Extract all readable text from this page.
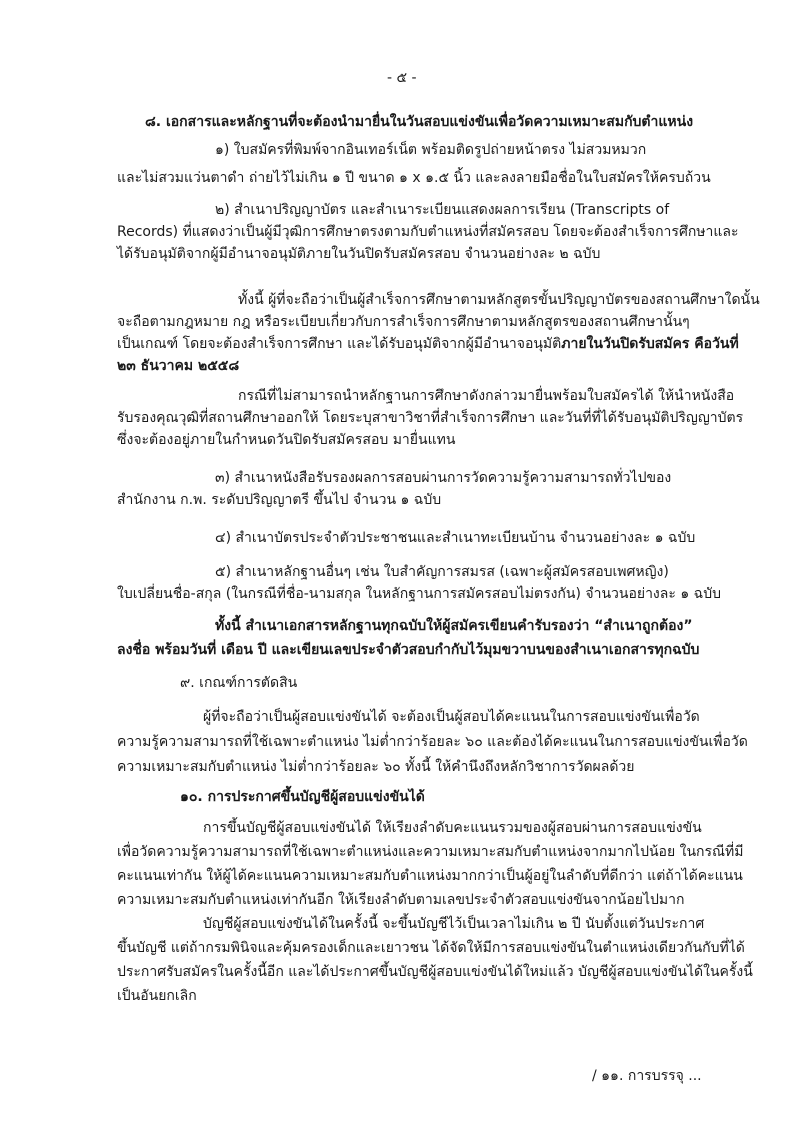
- ๕ -
๘. เอกสารและหลักฐานที่จะต้องนำมายื่นในวันสอบแข่งขันเพื่อวัดความเหมาะสมกับตำแหน่ง
๑) ใบสมัครที่พิมพ์จากอินเทอร์เน็ต พร้อมติดรูปถ่ายหน้าตรง ไม่สวมหมวก
และไม่สวมแว่นตาดำ ถ่ายไว้ไม่เกิน ๑ ปี ขนาด ๑ x ๑.๕ นิ้ว และลงลายมือชื่อในใบสมัครให้ครบถ้วน
๒) สำเนาปริญญาบัตร และสำเนาระเบียนแสดงผลการเรียน (Transcripts of
Records) ที่แสดงว่าเป็นผู้มีวุฒิการศึกษาตรงตามกับตำแหน่งที่สมัครสอบ โดยจะต้องสำเร็จการศึกษาและ
ได้รับอนุมัติจากผู้มีอำนาจอนุมัติภายในวันปิดรับสมัครสอบ จำนวนอย่างละ ๒ ฉบับ
ทั้งนี้ ผู้ที่จะถือว่าเป็นผู้สำเร็จการศึกษาตามหลักสูตรขั้นปริญญาบัตรของสถานศึกษาใดนั้น
จะถือตามกฎหมาย กฎ หรือระเบียบเกี่ยวกับการสำเร็จการศึกษาตามหลักสูตรของสถานศึกษานั้นๆ
เป็นเกณฑ์ โดยจะต้องสำเร็จการศึกษา และได้รับอนุมัติจากผู้มีอำนาจอนุมัติภายในวันปิดรับสมัคร คือวันที่
๒๓ ธันวาคม ๒๕๕๘
กรณีที่ไม่สามารถนำหลักฐานการศึกษาดังกล่าวมายื่นพร้อมใบสมัครได้ ให้นำหนังสือ
รับรองคุณวุฒิที่สถานศึกษาออกให้ โดยระบุสาขาวิชาที่สำเร็จการศึกษา และวันที่ที่ได้รับอนุมัติปริญญาบัตร
ซึ่งจะต้องอยู่ภายในกำหนดวันปิดรับสมัครสอบ มายื่นแทน
๓) สำเนาหนังสือรับรองผลการสอบผ่านการวัดความรู้ความสามารถทั่วไปของ
สำนักงาน ก.พ. ระดับปริญญาตรี ขึ้นไป จำนวน ๑ ฉบับ
๔) สำเนาบัตรประจำตัวประชาชนและสำเนาทะเบียนบ้าน จำนวนอย่างละ ๑ ฉบับ
๕) สำเนาหลักฐานอื่นๆ เช่น ใบสำคัญการสมรส (เฉพาะผู้สมัครสอบเพศหญิง)
ใบเปลี่ยนชื่อ-สกุล (ในกรณีที่ชื่อ-นามสกุล ในหลักฐานการสมัครสอบไม่ตรงกัน) จำนวนอย่างละ ๑ ฉบับ
ทั้งนี้ สำเนาเอกสารหลักฐานทุกฉบับให้ผู้สมัครเขียนคำรับรองว่า “สำเนาถูกต้อง”
ลงชื่อ พร้อมวันที่ เดือน ปี และเขียนเลขประจำตัวสอบกำกับไว้มุมขวาบนของสำเนาเอกสารทุกฉบับ
๙. เกณฑ์การตัดสิน
ผู้ที่จะถือว่าเป็นผู้สอบแข่งขันได้ จะต้องเป็นผู้สอบได้คะแนนในการสอบแข่งขันเพื่อวัด
ความรู้ความสามารถที่ใช้เฉพาะตำแหน่ง ไม่ต่ำกว่าร้อยละ ๖๐ และต้องได้คะแนนในการสอบแข่งขันเพื่อวัด
ความเหมาะสมกับตำแหน่ง ไม่ต่ำกว่าร้อยละ ๖๐ ทั้งนี้ ให้คำนึงถึงหลักวิชาการวัดผลด้วย
๑๐. การประกาศขึ้นบัญชีผู้สอบแข่งขันได้
การขึ้นบัญชีผู้สอบแข่งขันได้ ให้เรียงลำดับคะแนนรวมของผู้สอบผ่านการสอบแข่งขัน
เพื่อวัดความรู้ความสามารถที่ใช้เฉพาะตำแหน่งและความเหมาะสมกับตำแหน่งจากมากไปน้อย ในกรณีที่มี
คะแนนเท่ากัน ให้ผู้ได้คะแนนความเหมาะสมกับตำแหน่งมากกว่าเป็นผู้อยู่ในลำดับที่ดีกว่า แต่ถ้าได้คะแนน
ความเหมาะสมกับตำแหน่งเท่ากันอีก ให้เรียงลำดับตามเลขประจำตัวสอบแข่งขันจากน้อยไปมาก
บัญชีผู้สอบแข่งขันได้ในครั้งนี้ จะขึ้นบัญชีไว้เป็นเวลาไม่เกิน ๒ ปี นับตั้งแต่วันประกาศ
ขึ้นบัญชี แต่ถ้ากรมพินิจและคุ้มครองเด็กและเยาวชน ได้จัดให้มีการสอบแข่งขันในตำแหน่งเดียวกันกับที่ได้
ประกาศรับสมัครในครั้งนี้อีก และได้ประกาศขึ้นบัญชีผู้สอบแข่งขันได้ใหม่แล้ว บัญชีผู้สอบแข่งขันได้ในครั้งนี้
เป็นอันยกเลิก
/ ๑๑. การบรรจุ ...
